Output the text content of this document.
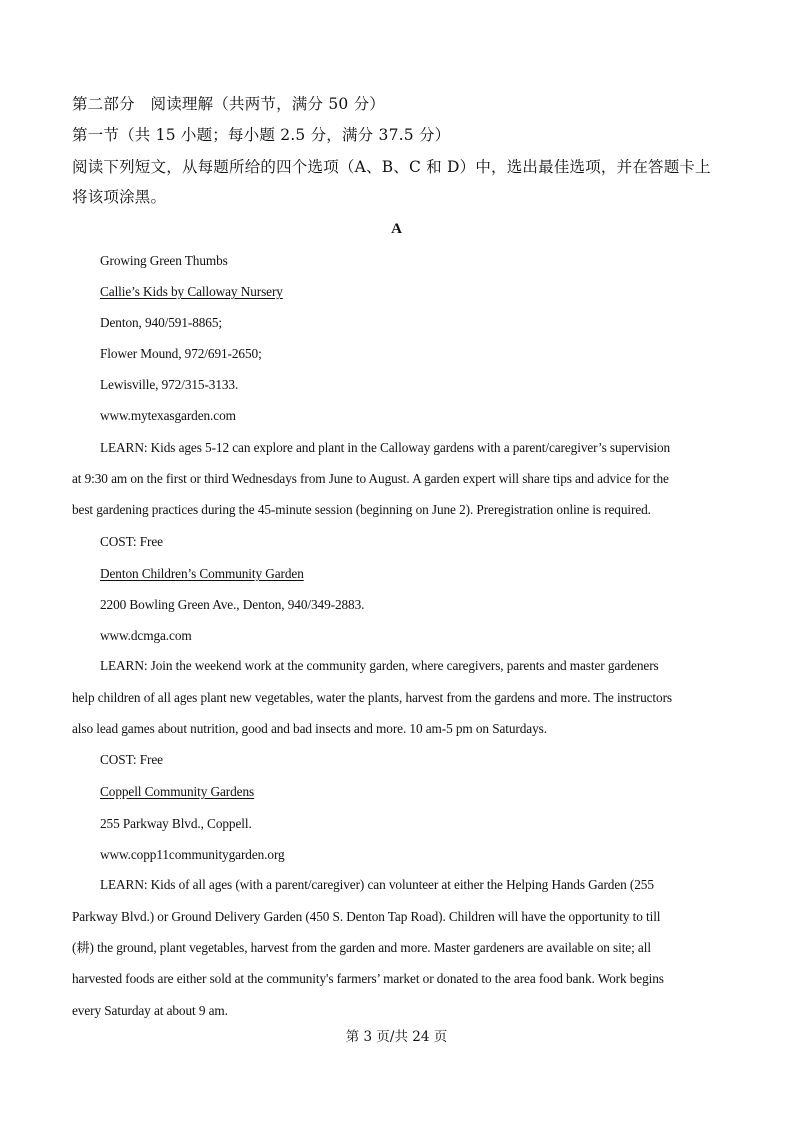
第二部分　阅读理解（共两节，满分 50 分）
第一节（共 15 小题；每小题 2.5 分，满分 37.5 分）
阅读下列短文，从每题所给的四个选项（A、B、C 和 D）中，选出最佳选项，并在答题卡上
将该项涂黑。
A
Growing Green Thumbs
Callie’s Kids by Calloway Nursery
Denton, 940/591-8865;
Flower Mound, 972/691-2650;
Lewisville, 972/315-3133.
www.mytexasgarden.com
LEARN: Kids ages 5-12 can explore and plant in the Calloway gardens with a parent/caregiver’s supervision
at 9:30 am on the first or third Wednesdays from June to August. A garden expert will share tips and advice for the
best gardening practices during the 45-minute session (beginning on June 2). Preregistration online is required.
COST: Free
Denton Children’s Community Garden
2200 Bowling Green Ave., Denton, 940/349-2883.
www.dcmga.com
LEARN: Join the weekend work at the community garden, where caregivers, parents and master gardeners
help children of all ages plant new vegetables, water the plants, harvest from the gardens and more. The instructors
also lead games about nutrition, good and bad insects and more. 10 am-5 pm on Saturdays.
COST: Free
Coppell Community Gardens
255 Parkway Blvd., Coppell.
www.copp11communitygarden.org
LEARN: Kids of all ages (with a parent/caregiver) can volunteer at either the Helping Hands Garden (255
Parkway Blvd.) or Ground Delivery Garden (450 S. Denton Tap Road). Children will have the opportunity to till
(耕) the ground, plant vegetables, harvest from the garden and more. Master gardeners are available on site; all
harvested foods are either sold at the community's farmers’ market or donated to the area food bank. Work begins
every Saturday at about 9 am.
第 3 页/共 24 页
